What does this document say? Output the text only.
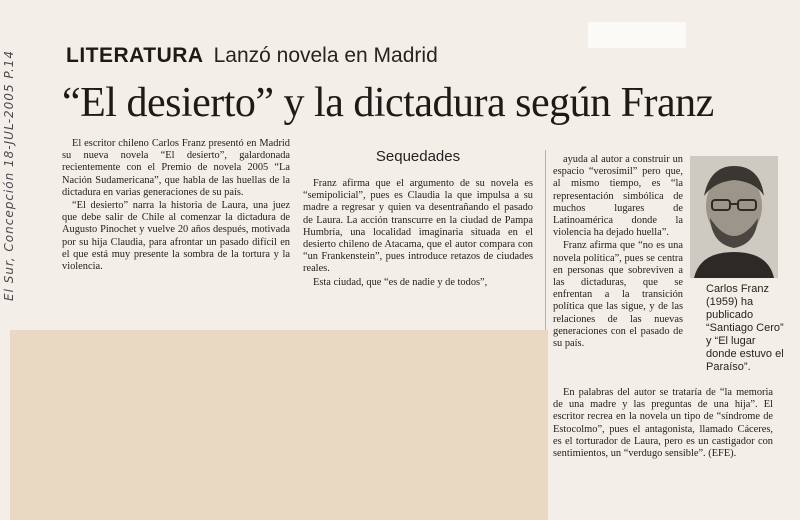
El Sur, Concepción 18-JUL-2005 P.14	LITERATURA Lanzó novela en Madrid
“El desierto” y la dictadura según Franz

El escritor chileno Carlos Franz presentó en Madrid su nueva novela “El desierto”, galardonada recientemente con el Premio de novela 2005 “La Nación Sudamericana”, que habla de las huellas de la dictadura en varias generaciones de su país.

“El desierto” narra la historia de Laura, una juez que debe salir de Chile al comenzar la dictadura de Augusto Pinochet y vuelve 20 años después, motivada por su hija Claudia, para afrontar un pasado difícil en el que está muy presente la sombra de la tortura y la violencia.

Sequedades

Franz afirma que el argumento de su novela es “semipolicial”, pues es Claudia la que impulsa a su madre a regresar y quien va desentrañando el pasado de Laura. La acción transcurre en la ciudad de Pampa Humbría, una localidad imaginaria situada en el desierto chileno de Atacama, que el autor compara con “un Frankenstein”, pues introduce retazos de ciudades reales.

Esta ciudad, que “es de nadie y de todos”,

ayuda al autor a construir un espacio “verosímil” pero que, al mismo tiempo, es “la representación simbólica de muchos lugares de Latinoamérica donde la violencia ha dejado huella”.

Franz afirma que “no es una novela política”, pues se centra en personas que sobreviven a las dictaduras, que se enfrentan a la transición política que las sigue, y de las relaciones de las nuevas generaciones con el pasado de su país.

Carlos Franz (1959) ha publicado “Santiago Cero” y “El lugar donde estuvo el Paraíso”.

En palabras del autor se trataría de “la memoria de una madre y las preguntas de una hija”. El escritor recrea en la novela un tipo de “síndrome de Estocolmo”, pues el antagonista, llamado Cáceres, es el torturador de Laura, pero es un castigador con sentimientos, un “verdugo sensible”. (EFE).
